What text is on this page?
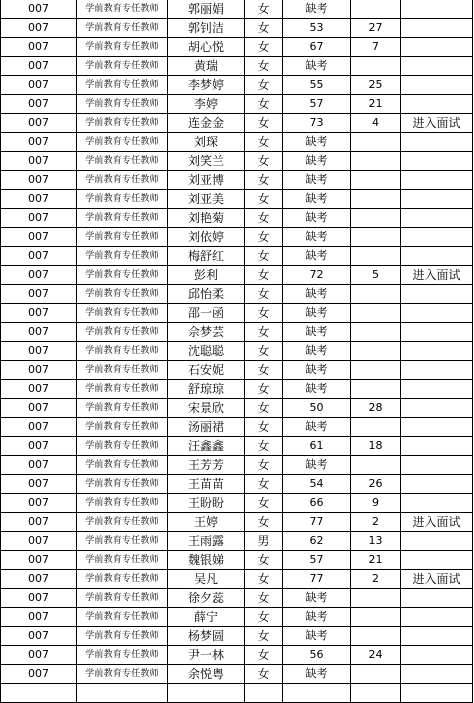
007	学前教育专任教师	郭丽娟	女	缺考		
007	学前教育专任教师	郭钊洁	女	53	27	
007	学前教育专任教师	胡心悦	女	67	7	
007	学前教育专任教师	黄瑞	女	缺考		
007	学前教育专任教师	李梦婷	女	55	25	
007	学前教育专任教师	李婷	女	57	21	
007	学前教育专任教师	连金金	女	73	4	进入面试
007	学前教育专任教师	刘琛	女	缺考		
007	学前教育专任教师	刘笑兰	女	缺考		
007	学前教育专任教师	刘亚博	女	缺考		
007	学前教育专任教师	刘亚美	女	缺考		
007	学前教育专任教师	刘艳菊	女	缺考		
007	学前教育专任教师	刘依婷	女	缺考		
007	学前教育专任教师	梅舒红	女	缺考		
007	学前教育专任教师	彭利	女	72	5	进入面试
007	学前教育专任教师	邱怡柔	女	缺考		
007	学前教育专任教师	邵一函	女	缺考		
007	学前教育专任教师	佘梦芸	女	缺考		
007	学前教育专任教师	沈聪聪	女	缺考		
007	学前教育专任教师	石安妮	女	缺考		
007	学前教育专任教师	舒琼琼	女	缺考		
007	学前教育专任教师	宋景欣	女	50	28	
007	学前教育专任教师	汤丽裙	女	缺考		
007	学前教育专任教师	汪鑫鑫	女	61	18	
007	学前教育专任教师	王芳芳	女	缺考		
007	学前教育专任教师	王苗苗	女	54	26	
007	学前教育专任教师	王盼盼	女	66	9	
007	学前教育专任教师	王婷	女	77	2	进入面试
007	学前教育专任教师	王雨露	男	62	13	
007	学前教育专任教师	魏银娣	女	57	21	
007	学前教育专任教师	吴凡	女	77	2	进入面试
007	学前教育专任教师	徐夕蕊	女	缺考		
007	学前教育专任教师	薛宁	女	缺考		
007	学前教育专任教师	杨梦圆	女	缺考		
007	学前教育专任教师	尹一林	女	56	24	
007	学前教育专任教师	余悦粤	女	缺考		
